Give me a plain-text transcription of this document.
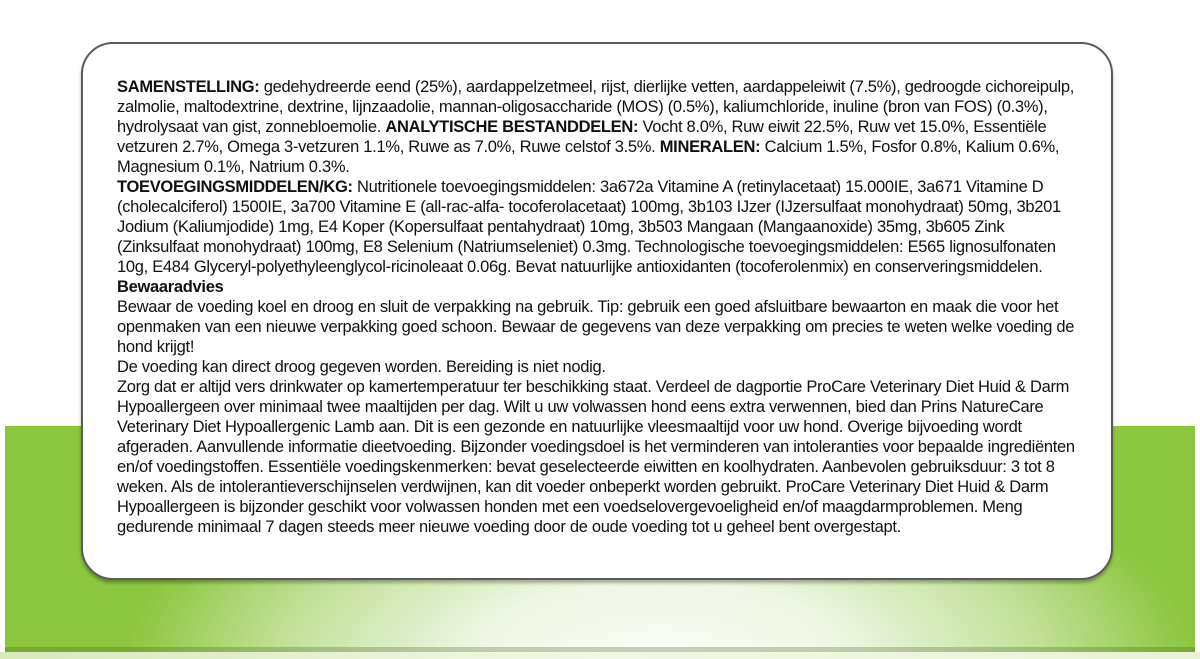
SAMENSTELLING: gedehydreerde eend (25%), aardappelzetmeel, rijst, dierlijke vetten, aardappeleiwit (7.5%), gedroogde cichoreipulp, zalmolie, maltodextrine, dextrine, lijnzaadolie, mannan-oligosaccharide (MOS) (0.5%), kaliumchloride, inuline (bron van FOS) (0.3%), hydrolysaat van gist, zonnebloemolie. ANALYTISCHE BESTANDDELEN: Vocht 8.0%, Ruw eiwit 22.5%, Ruw vet 15.0%, Essentiële vetzuren 2.7%, Omega 3-vetzuren 1.1%, Ruwe as 7.0%, Ruwe celstof 3.5%. MINERALEN: Calcium 1.5%, Fosfor 0.8%, Kalium 0.6%, Magnesium 0.1%, Natrium 0.3%.

TOEVOEGINGSMIDDELEN/KG: Nutritionele toevoegingsmiddelen: 3a672a Vitamine A (retinylacetaat) 15.000IE, 3a671 Vitamine D (cholecalciferol) 1500IE, 3a700 Vitamine E (all-rac-alfa- tocoferolacetaat) 100mg, 3b103 IJzer (IJzersulfaat monohydraat) 50mg, 3b201 Jodium (Kaliumjodide) 1mg, E4 Koper (Kopersulfaat pentahydraat) 10mg, 3b503 Mangaan (Mangaanoxide) 35mg, 3b605 Zink (Zinksulfaat monohydraat) 100mg, E8 Selenium (Natriumseleniet) 0.3mg. Technologische toevoegingsmiddelen: E565 lignosulfonaten 10g, E484 Glyceryl-polyethyleenglycol-ricinoleaat 0.06g. Bevat natuurlijke antioxidanten (tocoferolenmix) en conserveringsmiddelen.

Bewaaradvies

Bewaar de voeding koel en droog en sluit de verpakking na gebruik. Tip: gebruik een goed afsluitbare bewaarton en maak die voor het openmaken van een nieuwe verpakking goed schoon. Bewaar de gegevens van deze verpakking om precies te weten welke voeding de hond krijgt!

De voeding kan direct droog gegeven worden. Bereiding is niet nodig.

Zorg dat er altijd vers drinkwater op kamertemperatuur ter beschikking staat. Verdeel de dagportie ProCare Veterinary Diet Huid & Darm Hypoallergeen over minimaal twee maaltijden per dag. Wilt u uw volwassen hond eens extra verwennen, bied dan Prins NatureCare Veterinary Diet Hypoallergenic Lamb aan. Dit is een gezonde en natuurlijke vleesmaaltijd voor uw hond. Overige bijvoeding wordt afgeraden. Aanvullende informatie dieetvoeding. Bijzonder voedingsdoel is het verminderen van intoleranties voor bepaalde ingrediënten en/of voedingstoffen. Essentiële voedingskenmerken: bevat geselecteerde eiwitten en koolhydraten. Aanbevolen gebruiksduur: 3 tot 8 weken. Als de intolerantieverschijnselen verdwijnen, kan dit voeder onbeperkt worden gebruikt. ProCare Veterinary Diet Huid & Darm Hypoallergeen is bijzonder geschikt voor volwassen honden met een voedselovergevoeligheid en/of maagdarmproblemen. Meng gedurende minimaal 7 dagen steeds meer nieuwe voeding door de oude voeding tot u geheel bent overgestapt.
